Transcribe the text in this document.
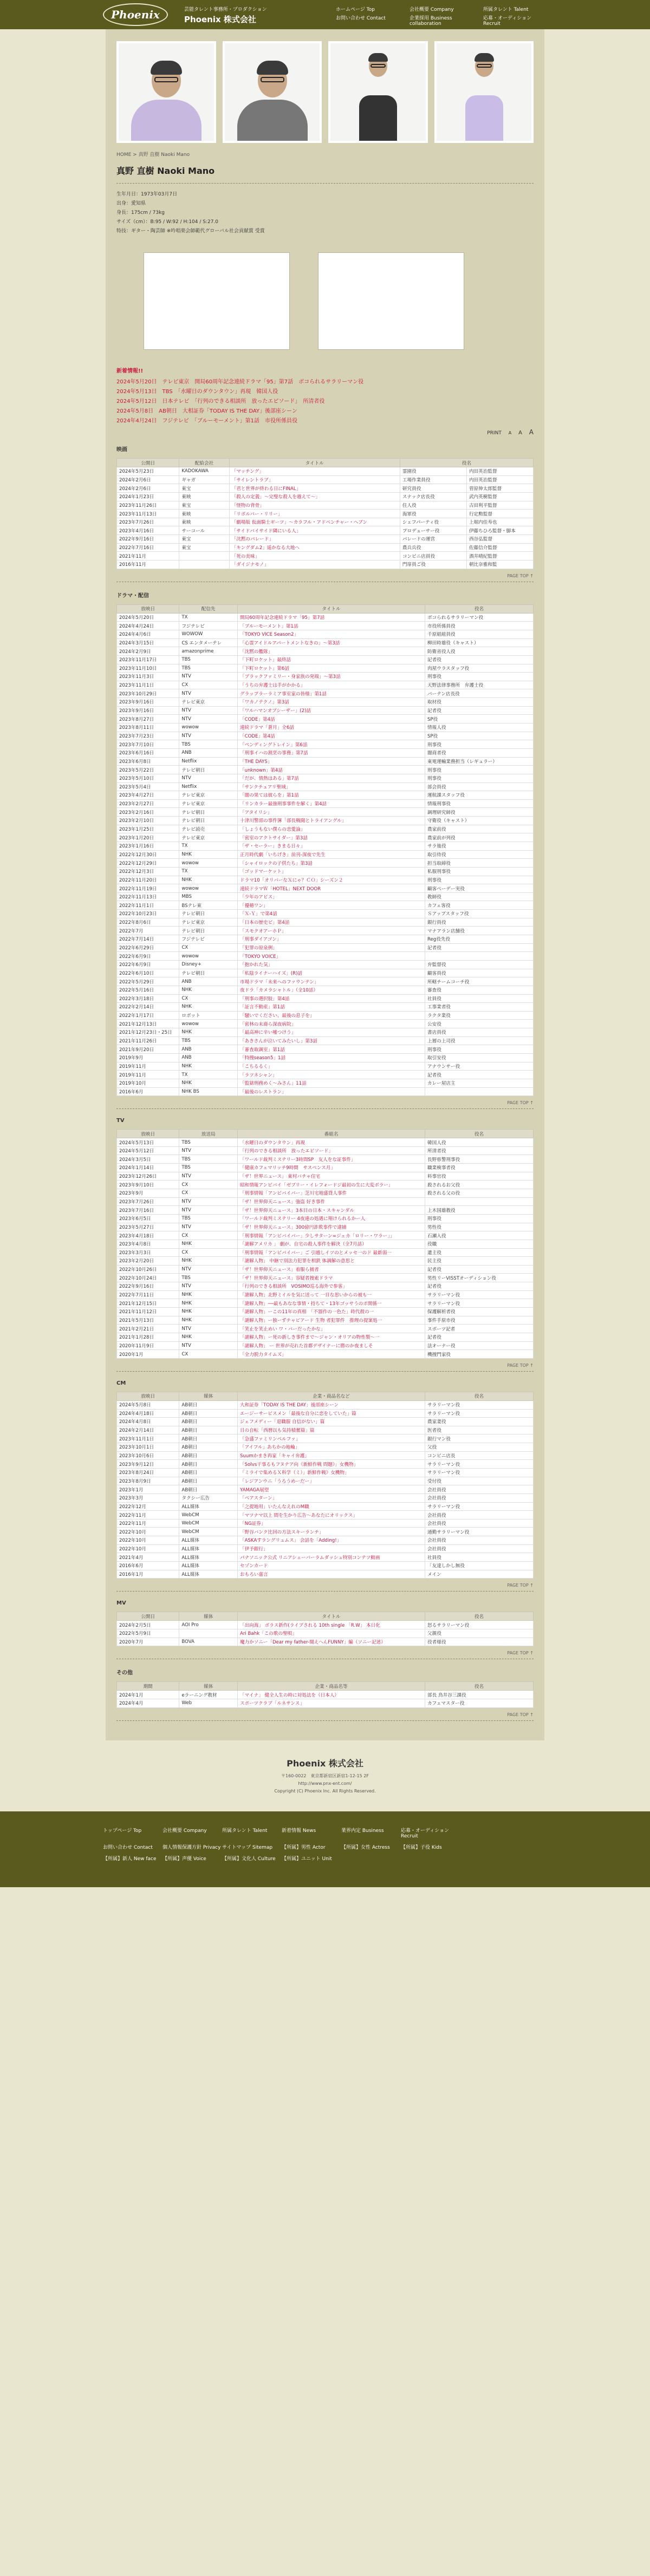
Phoenix	芸能タレント事務所・プロダクション
Phoenix 株式会社
ホームページ Top	会社概要 Company	所属タレント Talent
お問い合わせ Contact	企業採用 Business collaboration
応募・オーディション Recruit
HOME > 真野 直樹 Naoki Mano
真野 直樹 Naoki Mano
生年月日：1973年03月7日
出身：愛知県
身長：175cm / 73kg
サイズ（cm）：B:95 / W:92 / H:104 / S:27.0
特技：ギター・陶芸師 ※吟唱楽会師範代グローバル社会貢献賞 受賞
新着情報!!
2024年5月20日　テレビ東京　開局60周年記念連続ドラマ「95」第7話　ボコられるサラリーマン役
2024年5月13日　TBS　「水曜日のダウンタウン」再現　韓国人役
2024年5月12日　日本テレビ　「行列のできる相談所　放ったエピソード」　所清者役
2024年5月8日　AB朝日　大相証券「TODAY IS THE DAY」後部座シーン
2024年4月24日　フジテレビ　「ブルーモーメント」第1話　市役所係員役
PRINT A A A
映画
公開日	配給会社	タイトル	役名	
2024年5月23日	KADOKAWA	「マッチング」	霊園役	内田英治監督
2024年2月6日	ギャガ	「サイレントラブ」	工場作業員役	内田英治監督
2024年2月6日	東宝	「君と世界が終わる日にFINAL」	研究員役	菅原伸太郎監督
2024年1月23日	東映	「殺人の定義」〜完璧な殺人を越えて〜」	スナック店長役	武内英樹監督
2023年11月26日	東宝	「怪物の背骨」	住人役	古田利平監督
2023年11月13日	東映	「リボルバー・リリー」	海軍役	行定勲監督
2023年7月26日	東映	「劇場版 仮面騎士ギーツ」〜カラフル・アドベンチャー・ヘブン	シェフパーティ役	上堀内佳寿也
2023年4月16日	サーコール	「サイドバイサイド隣にいる人」	プロデューサー役	伊藤ちひろ監督・脚本
2022年9月16日	東宝	「沈黙のパレード」	パレードの運営	西谷弘監督
2022年7月16日	東宝	「キングダム2」遥かなる大地へ	農兵兵役	佐藤信介監督
2021年11月		「死の美味」	コンビニ店員役	酒井晴紀監督
2016年11月		「ダイジナモノ」	門扉員ご役	朝比奈雅和監
PAGE TOP ↑
ドラマ・配信
放映日	配信先	タイトル	役名
2024年5月20日	TX	開局60周年記念連続ドラマ「95」第7話	ボコられるサラリーマン役
2024年4月24日	フジテレビ	「ブルーモーメント」第1話	市役所係員役
2024年4月6日	WOWOW	「TOKYO VICE Season2」	千原組組員役
2024年3月15日	CS エンタメーテレ	「心霊アイドルアパートメントなきの」〜第3話	柳田時雄役（キャスト）
2024年2月9日	amazonprime	「沈黙の艦隊」	防衛省役人役
2023年11月17日	TBS	「下町ロケット」最終話	記者役
2023年11月10日	TBS	「下町ロケット」第6話	肉屋ウラスタッフ役
2023年11月3日	NTV	「ブラックファミリー・身家族の発端」〜第3話	刑事役
2023年11月1日	CX	「うちの弁護士は手がかかる」	天野法律事務所　弁護士役
2023年10月29日	NTV	グラップラーラミア事室家の皆様」第1話	バーテン店長役
2023年9月16日	テレビ東京	「ワカノテクノ」第3話	取材役
2023年9月16日	NTV	「ワルハマンオブシーザー」(2)話	記者役
2023年8月27日	NTV	「CODE」第4話	SP役
2023年8月11日	wowow	連続ドラマ「蒼月」全6話	情報人役
2023年7月23日	NTV	「CODE」第4話	SP役
2023年7月10日	TBS	「ペンディングトレイン」第6話	刑事役
2023年6月16日	ANB	「刑事イハの割烹の事務」第7話	闇商者役
2023年6月8日	Netflix	「THE DAYS」	東電運輸業務担当（レギュラー）
2023年5月22日	テレビ朝日	「unknown」第4話	刑事役
2023年5月10日	NTV	「だが、情熱はある」第7話	刑事役
2023年5月4日	Netflix	「サンクチュアリ聖域」	部会員役
2023年4月27日	テレビ東京	「闇の果ては彼らを」第1話	運航課スタッフ役
2023年2月27日	テレビ東京	「リンカラー最強刑事事件を解く」第4話	情報刑事役
2023年2月16日	テレビ朝日	「アタイリシ」	調理研究師役
2023年2月10日	テレビ朝日	十津川警部の事件簿「部長戦闘とトライアングル」	守衛役（キャスト）
2023年1月25日	テレビ読売	「しょうもない僕らの恋愛論」	農家前役
2023年1月20日	テレビ東京	「密室のアクトサイダー」第3話	農家前が列役
2023年1月16日	TX	「ザ・セーラー」きまる日々」	サラ後役
2022年12月30日	NHK	正月時代劇「いちげき」前刊-深夜で先生	取引侍役
2022年12月29日	wowow	「シャイロックの子供たち」第3話	担当取締役
2022年12月3日	TX	「ゴッドマーケット」	私服刑事役
2022年11月20日	NHK	ドラマ10「オリバーなＸにゃ？ＣＯ」シーズン２	刑事役
2022年11月19日	wowow	連続ドラマＷ「HOTEL」NEXT DOOR	顧客ペーデー実役
2022年11月13日	MBS	「少年のアビス」	教師役
2022年11月1日	BSテレ東	「優穂ワン」	カフェ客役
2022年10月23日	テレビ朝日	「Ｘ-Ｙ」で第4話	Ｓアップスタッフ役
2022年8月6日	テレビ東京	「日本の歴史ビ」第4話	銀行員役
2022年7月	テレビ朝日	「スモクオアーホＰ」	マナアラン店舗役
2022年7月14日	フジテレビ	「刑事ダイアゴン」	Reg役先役
2022年6月29日	CX	「犯罪の原泉例」	記者役
2022年6月9日	wowow	「TOKYO VOICE」	
2022年6月9日	Disney+	「抱かれた気」	弁監督役
2022年6月10日	テレビ朝日	「私陰ライナーハイズ」(R)話	顧客員役
2022年5月29日	ANB	市場ドラマ「未来へのファウンテン」	所轄チームコーチ役
2022年5月16日	NHK	夜ドラ「カメラシャトル」（全10話）	審査役
2022年3月18日	CX	「刑事の選択肢」第4話	社員役
2022年2月14日	NHK	「証言不動産」第1話	工事業者役
2022年1月17日	ロボット	「騒いでください、最後の息子を」	ラクタ業役
2021年12月13日	wowow	「密林の末裔ら深夜病院」	公安役
2021年12月23日・25日	NHK	「最高神に辛い嘘つけう」	書店員役
2021年11月26日	TBS	「あきさんが泣いてみたいし」第3話	上層の上司役
2021年9月20日	ANB	「審査取調室」第1話	刑事役
2019年9月	ANB	「特捜season5」1話	取引安役
2019年11月	NHK	「こちるるく」	アナウンサー役
2019年11月	TX	「ラツネシャン」	記者役
2019年10月	NHK	「監獄刑務めく〜みさん」11話	カレー屋店主
2016年6月	NHK BS	「最後のレストラン」	
PAGE TOP ↑
TV
放映日	放送局	番組名	役名
2024年5月13日	TBS	「水曜日のダウンタウン」再現	韓国人役
2024年5月12日	NTV	「行列のできる相談所　放ったエピソード」	所清者役
2024年3月5日	TBS	「ワールド裁判ミステリー3時間SP　友人をな証事件」	長野県警刑事役
2024年1月14日	TBS	「健康カフェマリッチ9時間　サスペンス月」	職業検事者役
2023年12月26日	NTV	「ザ！世界ニュース」 東村バチャ住宅	料事官役
2023年9月10日	CX	昭和情報アンビバイ「ゼブリー・イレフォードジ最初の生に大変ボラー」	殺されるお父役
2023年9月	CX	「刑事情報「アンビバイバー」芝川宅地盛貸人事件	殺される父の役
2023年7月26日	NTV	「ザ！世界仰天ニュース」強盗 好き事件	
2023年7月16日	NTV	「ザ！世界仰天ニュース」3本目の日本・スキャンダル	上木国雄教役
2023年6月5日	TBS	「ワールド裁判ミステリー 4夜連の処遇に翔けられるかー人	刑事役
2023年5月27日	NTV	「ザ！世界仰天ニュース」300億円詐欺事件で逮捕	男性役
2023年4月18日	CX	「刑事情報「アンビバイバー」少しサターン=ジェカ「ロリー・ワラー」」	石瀬入役
2023年4月8日	NHK	「謎解アメリカ 」 劇が、自宅の殺人事件を解決（全7月話）	役職
2023年3月3日	CX	「刑事情報「アンビバイバー」ご 引越しイツのとメッセ一のド 最新弱一	遺主役
2023年2月20日	NHK	「謎解人物」 中継で別法力犯罪を相鉄 体調解の意思と	民主役
2022年10月26日	NTV	「ザ！世界仰天ニュース」着服ら捕者	記者役
2022年10月24日	TBS	「ザ！世界仰天ニュース」容疑者捜索ドラマ	男性リーVISSTオーディション役
2022年9月16日	NTV	「行列のできる相談所　VOSIMO巡る海外で参客」	記者役
2022年7月11日	NHK	「謎解人物」北野ミイルを気に送って 一目な思いからの被も一	サラリーマン役
2021年12月15日	NHK	「謎解人物」──最もあなな事情・持ちて・13年ゴッサうのポ関係一	サラリーマン役
2021年11月12日	NHK	「謎解人物」ーこの11年の真相　「不器作の一色た」時代殺の一	保護解析者役
2021年5月13日	NHK	「謎解人物」ー独ーずチャビアード 生物 者犯罪件　推理の提案処一	事件手原市役
2021年2月21日	NTV	「笑止を笑止めい ワ・バーだったかな」	スポーツ記者
2021年1月28日	NHK	「謎解人物」ー死の新しき事件まで〜ジャン・オリアの物性製〜一	記者役
2020年11月9日	NTV	「謎解人物」 ー 世界が売れた首都デザイナーに勝のか夜ましそ	法オーナー役
2020年1月	CX	「全力脱力タイムズ」	機捜門家役
PAGE TOP ↑
CM
放映日	媒体	企業・商品名など	役名
2024年5月8日	AB朝日	大和証券「TODAY IS THE DAY」後部座シーン	サラリーマン役
2024年4月18日	AB朝日	エージーサービスメン「最後な自分に恋をしていた」篇	サラリーマン役
2024年4月8日	AB朝日	ジェフメディー「退職服 自信がない」篇	農家妻役
2024年2月14日	AB朝日	日の自転「西暦以も気持積奮篇」篇	医者役
2023年11月1日	AB朝日	「急盛ファミリンペルファ」	銀行マン役
2023年10月1日	AB朝日	「アイフル」あちかの地輪」	父役
2023年10月6日	AB朝日	Suumかまき再家「キャイ弁護」	コンビニ店長
2023年9月12日	AB朝日	「Solvs干事るもフヌテア向《新鮮作戦 問題》」女機物」	サラリーマン役
2023年8月24日	AB朝日	「ミライで集めるＸ科学（ミ）」新鮮作戦》女機物」	サラリーマン役
2023年8月9日	AB朝日	「レジアンウニ「うろうめーだー」	受付役
2023年1月	AB朝日	YAMAGA展望	会社員役
2023年3月	タクシー広告	「ペアスターン」	会社員役
2022年12月	ALL媒体	「之提地用」いたんなえれのM職	サラリーマン役
2022年11月	WebCM	「マツナマ以上 間を生かり広告〜あなたにオリックス」	会社員役
2022年11月	WebCM	「NG証券」	会社員役
2022年10月	WebCM	「野谷バンク比回の方法スキーランチ」	通勤サラリーマン役
2022年10月	ALL媒体	「ASKAすラングリュムス」 会話を「Adding!」	会社員役
2022年10月	ALL媒体	「伊予銀行」	会社員役
2021年4月	ALL媒体	パナソニック公式 リニアシェーバーラムダッシュ特別コンテツ動画	社員役
2016年6月	ALL媒体	セゾンカード	「友達しかし無役
2016年1月	ALL媒体	おもろい嘉言	メイン
PAGE TOP ↑
MV
公開日	媒体	タイトル	役名
2024年2月5日	AOI Pro	「出向海」 ボラス新作(ライブされる 10th single 「R.W」 本日化	怒るサラリーマン役
2022年5月9日		Ari Bahk「この歌の聖唄」	父親役
2020年7月	BOVA	魔力かソニー「Dear my father-聞えへんFUNNY」編（ソニー記述）	役者様役
PAGE TOP ↑
その他
期間	媒体	企業・商品名等	役名
2024年1月	eラーニング教材	「マイナ」 健全人生の時に対処法を（日本人）	部長 鳥井谷三課役
2024年4月	Web	スポーツクラブ「ルネサンス」	カフェマスター役
PAGE TOP ↑
Phoenix 株式会社
〒160-0022　東京都新宿区新宿1-12-15 2F
http://www.pnx-ent.com/
Copyright (C) Phoenix Inc. All Rights Reserved.
トップページ Top	会社概要 Company	所属タレント Talent	新着情報 News	業界内定 Business	応募・オーディション Recruit
お問い合わせ Contact	個人情報保護方針 Privacy サイトマップ Sitemap	【所属】男性 Actor	【所属】女性 Actress	【所属】子役 Kids
【所属】新人 New face	【所属】声優 Voice	【所属】文化人 Culture	【所属】ユニット Unit
